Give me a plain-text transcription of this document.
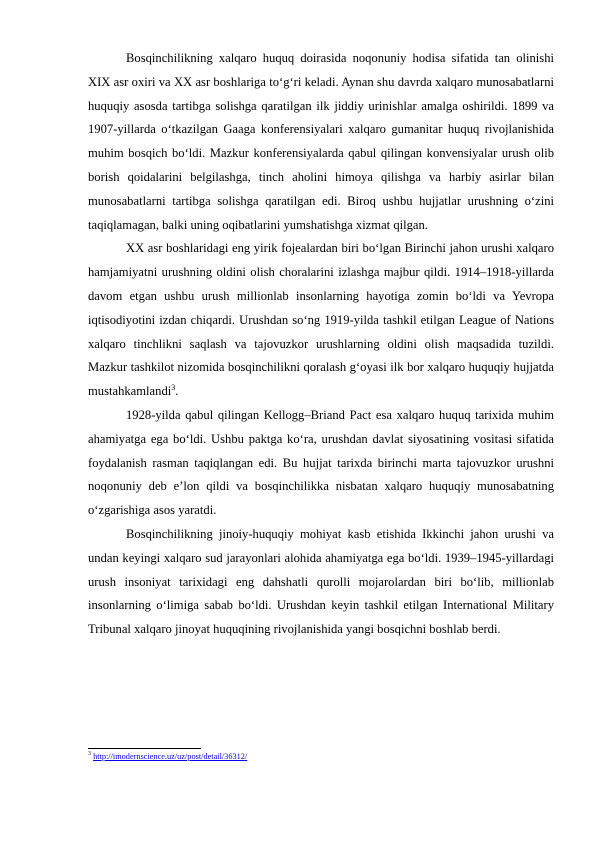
Bosqinchilikning xalqaro huquq doirasida noqonuniy hodisa sifatida tan olinishi XIX asr oxiri va XX asr boshlariga to‘g‘ri keladi. Aynan shu davrda xalqaro munosabatlarni huquqiy asosda tartibga solishga qaratilgan ilk jiddiy urinishlar amalga oshirildi. 1899 va 1907-yillarda o‘tkazilgan Gaaga konferensiyalari xalqaro gumanitar huquq rivojlanishida muhim bosqich bo‘ldi. Mazkur konferensiyalarda qabul qilingan konvensiyalar urush olib borish qoidalarini belgilashga, tinch aholini himoya qilishga va harbiy asirlar bilan munosabatlarni tartibga solishga qaratilgan edi. Biroq ushbu hujjatlar urushning o‘zini taqiqlamagan, balki uning oqibatlarini yumshatishga xizmat qilgan.

XX asr boshlaridagi eng yirik fojealardan biri bo‘lgan Birinchi jahon urushi xalqaro hamjamiyatni urushning oldini olish choralarini izlashga majbur qildi. 1914–1918-yillarda davom etgan ushbu urush millionlab insonlarning hayotiga zomin bo‘ldi va Yevropa iqtisodiyotini izdan chiqardi. Urushdan so‘ng 1919-yilda tashkil etilgan League of Nations xalqaro tinchlikni saqlash va tajovuzkor urushlarning oldini olish maqsadida tuzildi. Mazkur tashkilot nizomida bosqinchilikni qoralash g‘oyasi ilk bor xalqaro huquqiy hujjatda mustahkamlandi$^3$.

1928-yilda qabul qilingan Kellogg–Briand Pact esa xalqaro huquq tarixida muhim ahamiyatga ega bo‘ldi. Ushbu paktga ko‘ra, urushdan davlat siyosatining vositasi sifatida foydalanish rasman taqiqlangan edi. Bu hujjat tarixda birinchi marta tajovuzkor urushni noqonuniy deb e’lon qildi va bosqinchilikka nisbatan xalqaro huquqiy munosabatning o‘zgarishiga asos yaratdi.

Bosqinchilikning jinoiy-huquqiy mohiyat kasb etishida Ikkinchi jahon urushi va undan keyingi xalqaro sud jarayonlari alohida ahamiyatga ega bo‘ldi. 1939–1945-yillardagi urush insoniyat tarixidagi eng dahshatli qurolli mojarolardan biri bo‘lib, millionlab insonlarning o‘limiga sabab bo‘ldi. Urushdan keyin tashkil etilgan International Military Tribunal xalqaro jinoyat huquqining rivojlanishida yangi bosqichni boshlab berdi.

$^3$ http://imodernscience.uz/uz/post/detail/36312/
